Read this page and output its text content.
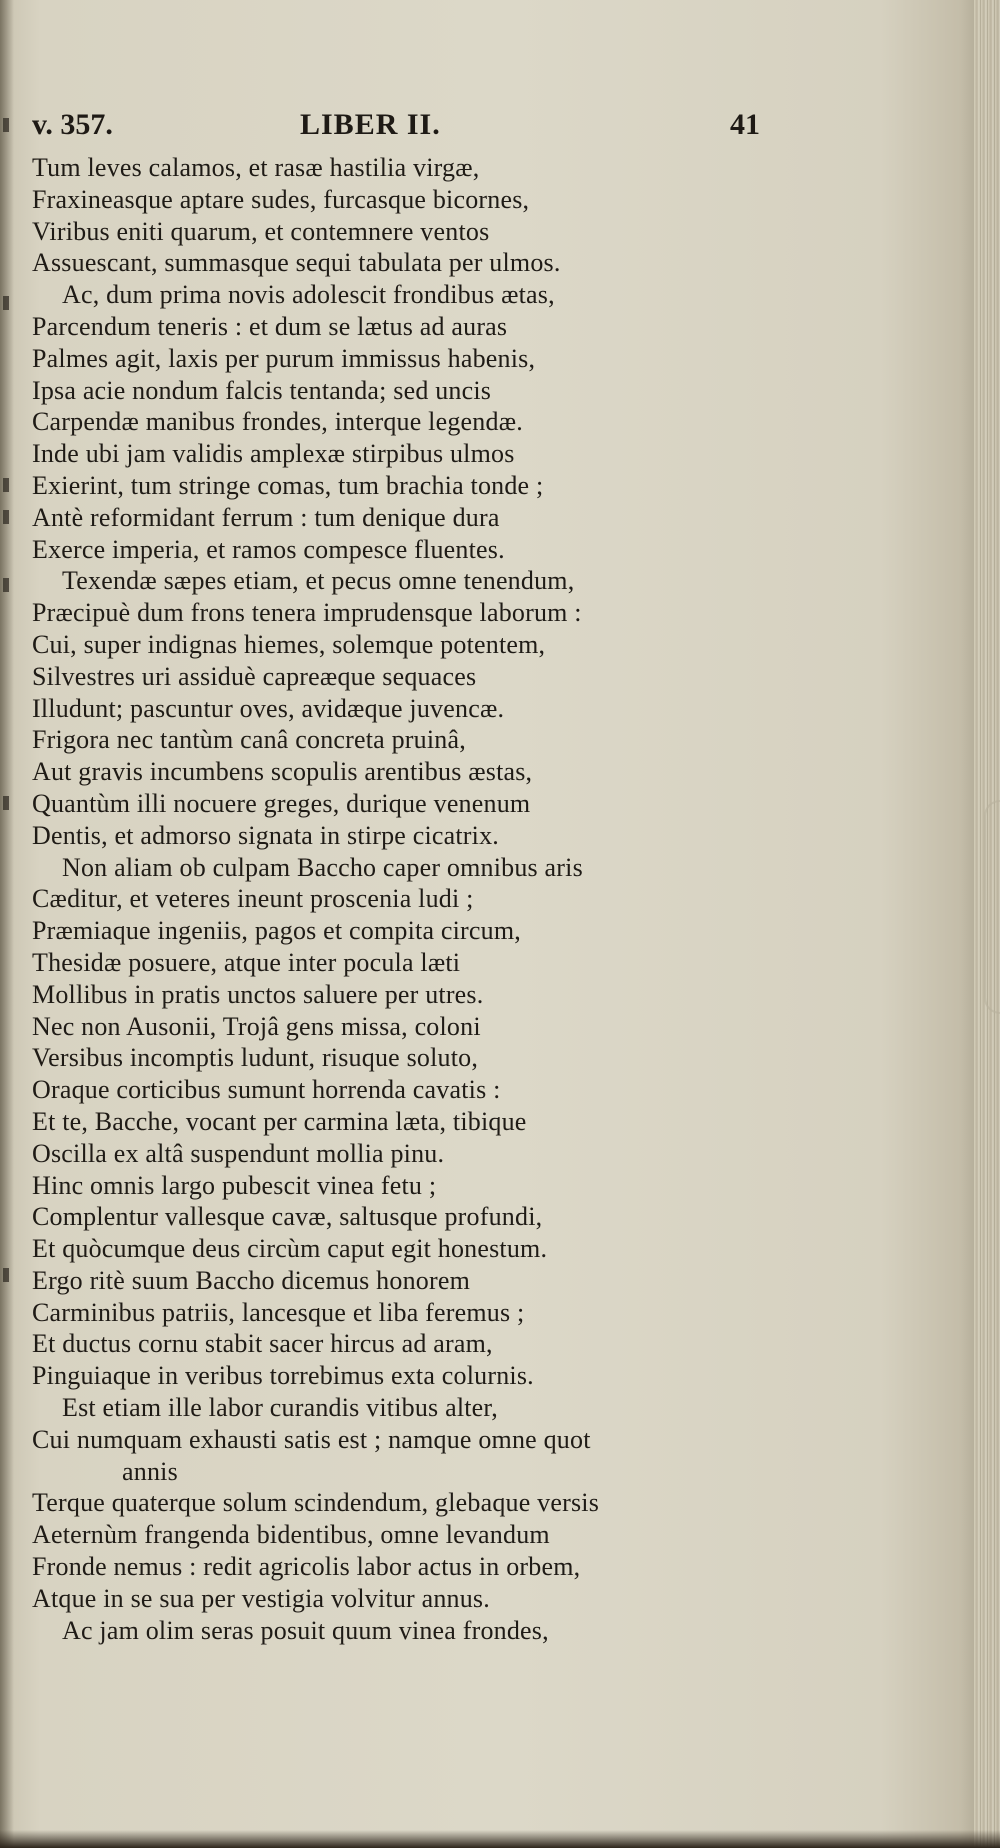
v. 357.	LIBER II.	41
Tum leves calamos, et rasæ hastilia virgæ,
Fraxineasque aptare sudes, furcasque bicornes,
Viribus eniti quarum, et contemnere ventos
Assuescant, summasque sequi tabulata per ulmos.
Ac, dum prima novis adolescit frondibus ætas,
Parcendum teneris : et dum se lætus ad auras
Palmes agit, laxis per purum immissus habenis,
Ipsa acie nondum falcis tentanda; sed uncis
Carpendæ manibus frondes, interque legendæ.
Inde ubi jam validis amplexæ stirpibus ulmos
Exierint, tum stringe comas, tum brachia tonde ;
Antè reformidant ferrum : tum denique dura
Exerce imperia, et ramos compesce fluentes.
Texendæ sæpes etiam, et pecus omne tenendum,
Præcipuè dum frons tenera imprudensque laborum :
Cui, super indignas hiemes, solemque potentem,
Silvestres uri assiduè capreæque sequaces
Illudunt; pascuntur oves, avidæque juvencæ.
Frigora nec tantùm canâ concreta pruinâ,
Aut gravis incumbens scopulis arentibus æstas,
Quantùm illi nocuere greges, durique venenum
Dentis, et admorso signata in stirpe cicatrix.
Non aliam ob culpam Baccho caper omnibus aris
Cæditur, et veteres ineunt proscenia ludi ;
Præmiaque ingeniis, pagos et compita circum,
Thesidæ posuere, atque inter pocula læti
Mollibus in pratis unctos saluere per utres.
Nec non Ausonii, Trojâ gens missa, coloni
Versibus incomptis ludunt, risuque soluto,
Oraque corticibus sumunt horrenda cavatis :
Et te, Bacche, vocant per carmina læta, tibique
Oscilla ex altâ suspendunt mollia pinu.
Hinc omnis largo pubescit vinea fetu ;
Complentur vallesque cavæ, saltusque profundi,
Et quòcumque deus circùm caput egit honestum.
Ergo ritè suum Baccho dicemus honorem
Carminibus patriis, lancesque et liba feremus ;
Et ductus cornu stabit sacer hircus ad aram,
Pinguiaque in veribus torrebimus exta colurnis.
Est etiam ille labor curandis vitibus alter,
Cui numquam exhausti satis est ; namque omne quot
annis
Terque quaterque solum scindendum, glebaque versis
Aeternùm frangenda bidentibus, omne levandum
Fronde nemus : redit agricolis labor actus in orbem,
Atque in se sua per vestigia volvitur annus.
Ac jam olim seras posuit quum vinea frondes,
